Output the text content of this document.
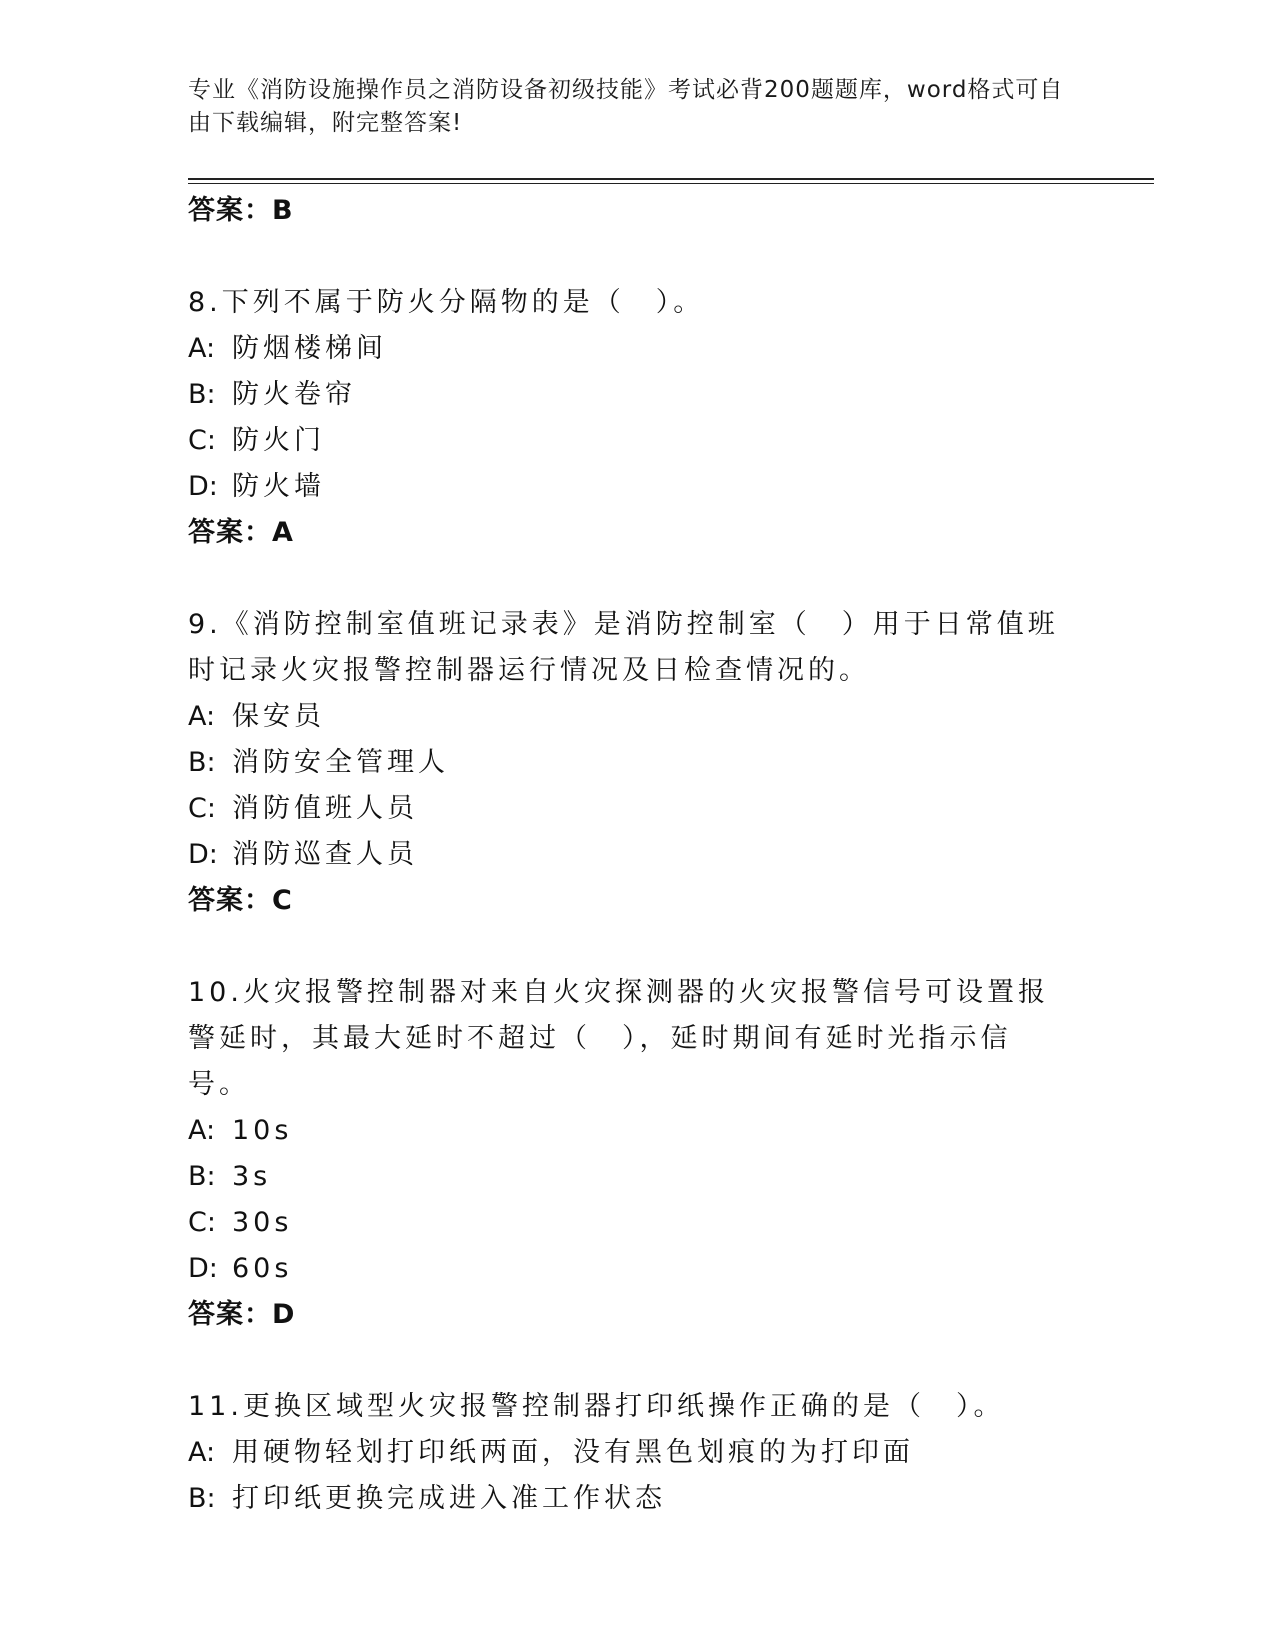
专业《消防设施操作员之消防设备初级技能》考试必背200题题库，word格式可自由下载编辑，附完整答案!
答案：B
8.下列不属于防火分隔物的是（　）。
A: 防烟楼梯间
B: 防火卷帘
C: 防火门
D: 防火墙
答案：A
9.《消防控制室值班记录表》是消防控制室（　）用于日常值班时记录火灾报警控制器运行情况及日检查情况的。
A: 保安员
B: 消防安全管理人
C: 消防值班人员
D: 消防巡查人员
答案：C
10.火灾报警控制器对来自火灾探测器的火灾报警信号可设置报警延时，其最大延时不超过（　），延时期间有延时光指示信号。
A: 10s
B: 3s
C: 30s
D: 60s
答案：D
11.更换区域型火灾报警控制器打印纸操作正确的是（　）。
A: 用硬物轻划打印纸两面，没有黑色划痕的为打印面
B: 打印纸更换完成进入准工作状态
